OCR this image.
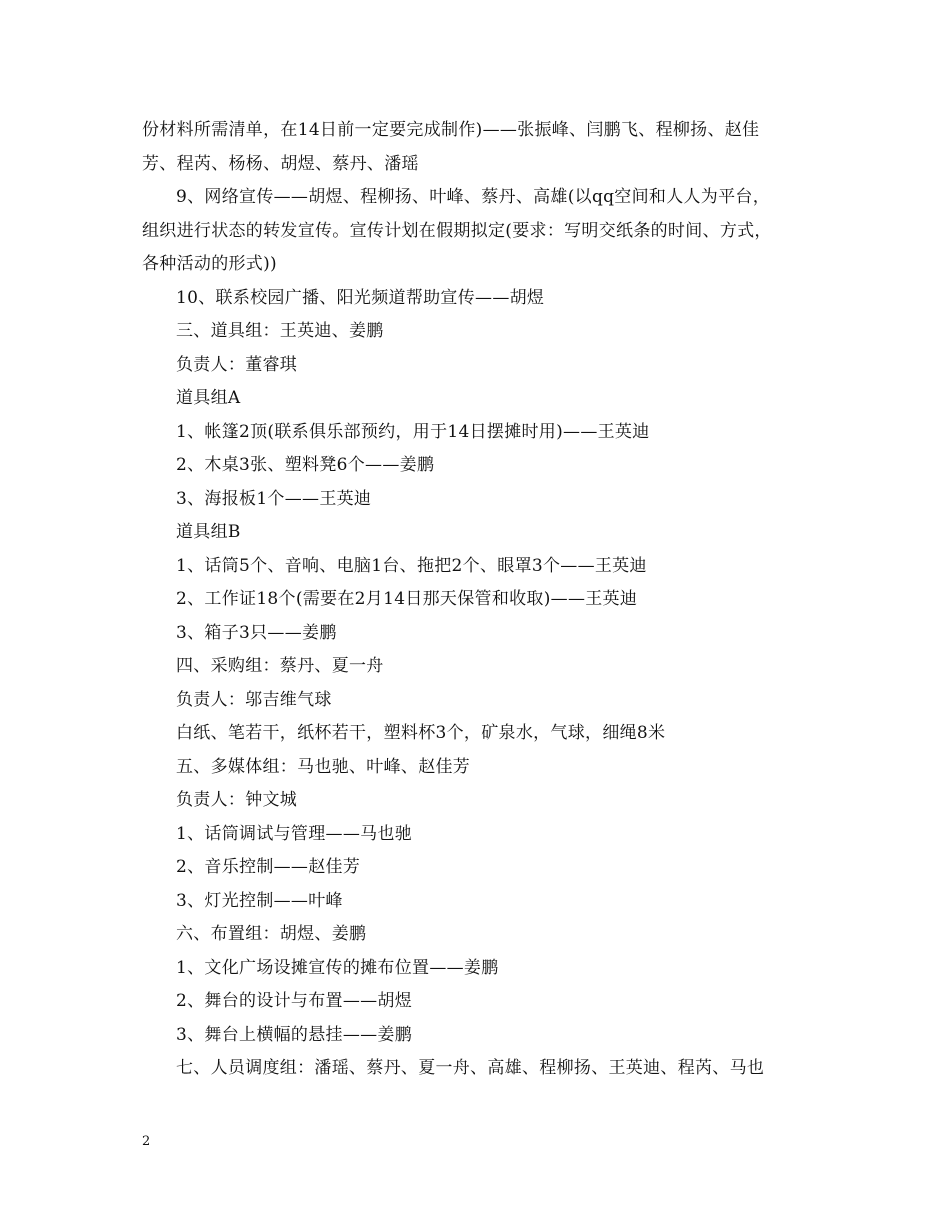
份材料所需清单，在14日前一定要完成制作)——张振峰、闫鹏飞、程柳扬、赵佳
芳、程芮、杨杨、胡煜、蔡丹、潘瑶
9、网络宣传——胡煜、程柳扬、叶峰、蔡丹、高雄(以qq空间和人人为平台，
组织进行状态的转发宣传。宣传计划在假期拟定(要求：写明交纸条的时间、方式，
各种活动的形式))
10、联系校园广播、阳光频道帮助宣传——胡煜
三、道具组：王英迪、姜鹏
负责人：董睿琪
道具组A
1、帐篷2顶(联系俱乐部预约，用于14日摆摊时用)——王英迪
2、木桌3张、塑料凳6个——姜鹏
3、海报板1个——王英迪
道具组B
1、话筒5个、音响、电脑1台、拖把2个、眼罩3个——王英迪
2、工作证18个(需要在2月14日那天保管和收取)——王英迪
3、箱子3只——姜鹏
四、采购组：蔡丹、夏一舟
负责人：邬吉维气球
白纸、笔若干，纸杯若干，塑料杯3个，矿泉水，气球，细绳8米
五、多媒体组：马也驰、叶峰、赵佳芳
负责人：钟文城
1、话筒调试与管理——马也驰
2、音乐控制——赵佳芳
3、灯光控制——叶峰
六、布置组：胡煜、姜鹏
1、文化广场设摊宣传的摊布位置——姜鹏
2、舞台的设计与布置——胡煜
3、舞台上横幅的悬挂——姜鹏
七、人员调度组：潘瑶、蔡丹、夏一舟、高雄、程柳扬、王英迪、程芮、马也
2
